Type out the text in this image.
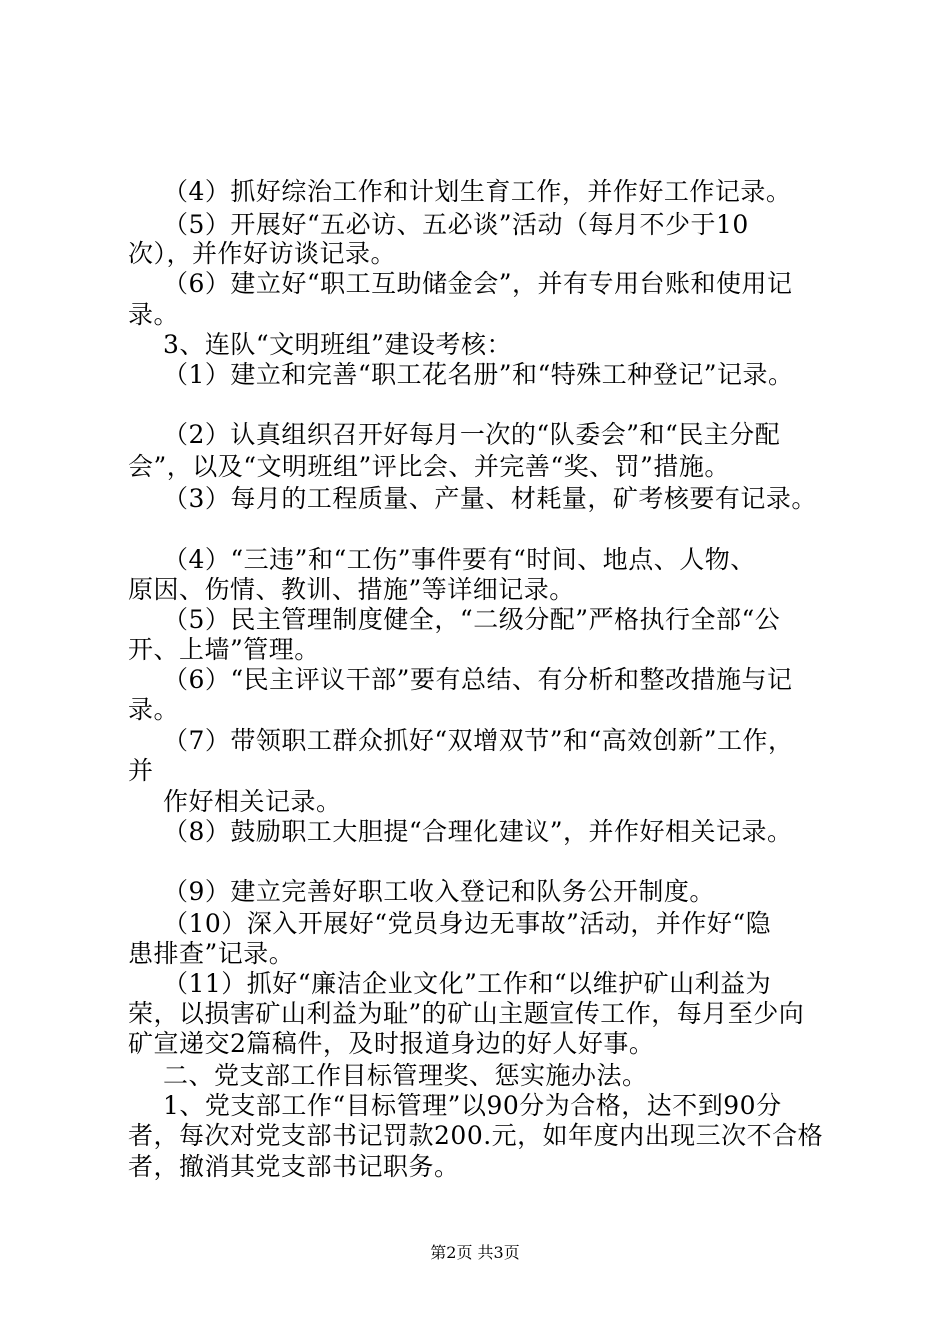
（4）抓好综治工作和计划生育工作，并作好工作记录。
（5）开展好“五必访、五必谈”活动（每月不少于10
次），并作好访谈记录。
（6）建立好“职工互助储金会”，并有专用台账和使用记
录。
3、连队“文明班组”建设考核：
（1）建立和完善“职工花名册”和“特殊工种登记”记录。
（2）认真组织召开好每月一次的“队委会”和“民主分配
会”，以及“文明班组”评比会、并完善“奖、罚”措施。
（3）每月的工程质量、产量、材耗量，矿考核要有记录。
（4）“三违”和“工伤”事件要有“时间、地点、人物、
原因、伤情、教训、措施”等详细记录。
（5）民主管理制度健全，“二级分配”严格执行全部“公
开、上墙”管理。
（6）“民主评议干部”要有总结、有分析和整改措施与记
录。
（7）带领职工群众抓好“双增双节”和“高效创新”工作，
并
作好相关记录。
（8）鼓励职工大胆提“合理化建议”，并作好相关记录。
（9）建立完善好职工收入登记和队务公开制度。
（10）深入开展好“党员身边无事故”活动，并作好“隐
患排查”记录。
（11）抓好“廉洁企业文化”工作和“以维护矿山利益为
荣，以损害矿山利益为耻”的矿山主题宣传工作，每月至少向
矿宣递交2篇稿件，及时报道身边的好人好事。
二、党支部工作目标管理奖、惩实施办法。
1、党支部工作“目标管理”以90分为合格，达不到90分
者，每次对党支部书记罚款200.元，如年度内出现三次不合格
者，撤消其党支部书记职务。
第2页 共3页
